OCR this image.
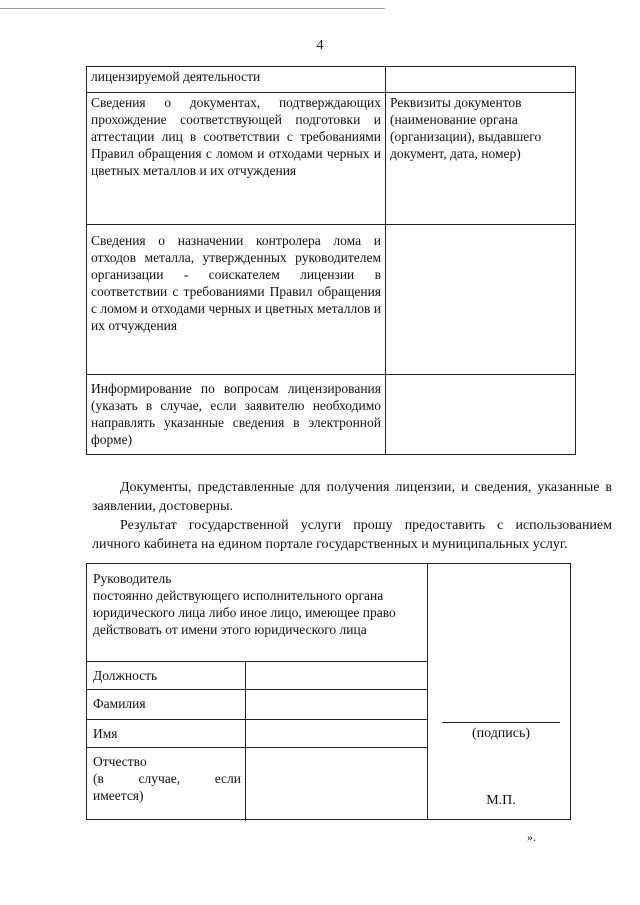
4
лицензируемой деятельности	
Сведения о документах, подтверждающих прохождение соответствующей подготовки и аттестации лиц в соответствии с требованиями Правил обращения с ломом и отходами черных и цветных металлов и их отчуждения	Реквизиты документов (наименование органа (организации), выдавшего документ, дата, номер)
Сведения о назначении контролера лома и отходов металла, утвержденных руководителем организации - соискателем лицензии в соответствии с требованиями Правил обращения с ломом и отходами черных и цветных металлов и их отчуждения	
Информирование по вопросам лицензирования (указать в случае, если заявителю необходимо направлять указанные сведения в электронной форме)	
Документы, представленные для получения лицензии, и сведения, указанные в заявлении, достоверны.
Результат государственной услуги прошу предоставить с использованием личного кабинета на едином портале государственных и муниципальных услуг.
Руководитель
постоянно действующего исполнительного органа юридического лица либо иное лицо, имеющее право действовать от имени этого юридического лица
Должность
Фамилия
Имя
Отчество
(в случае, если
имеется)
(подпись)
М.П.
».
